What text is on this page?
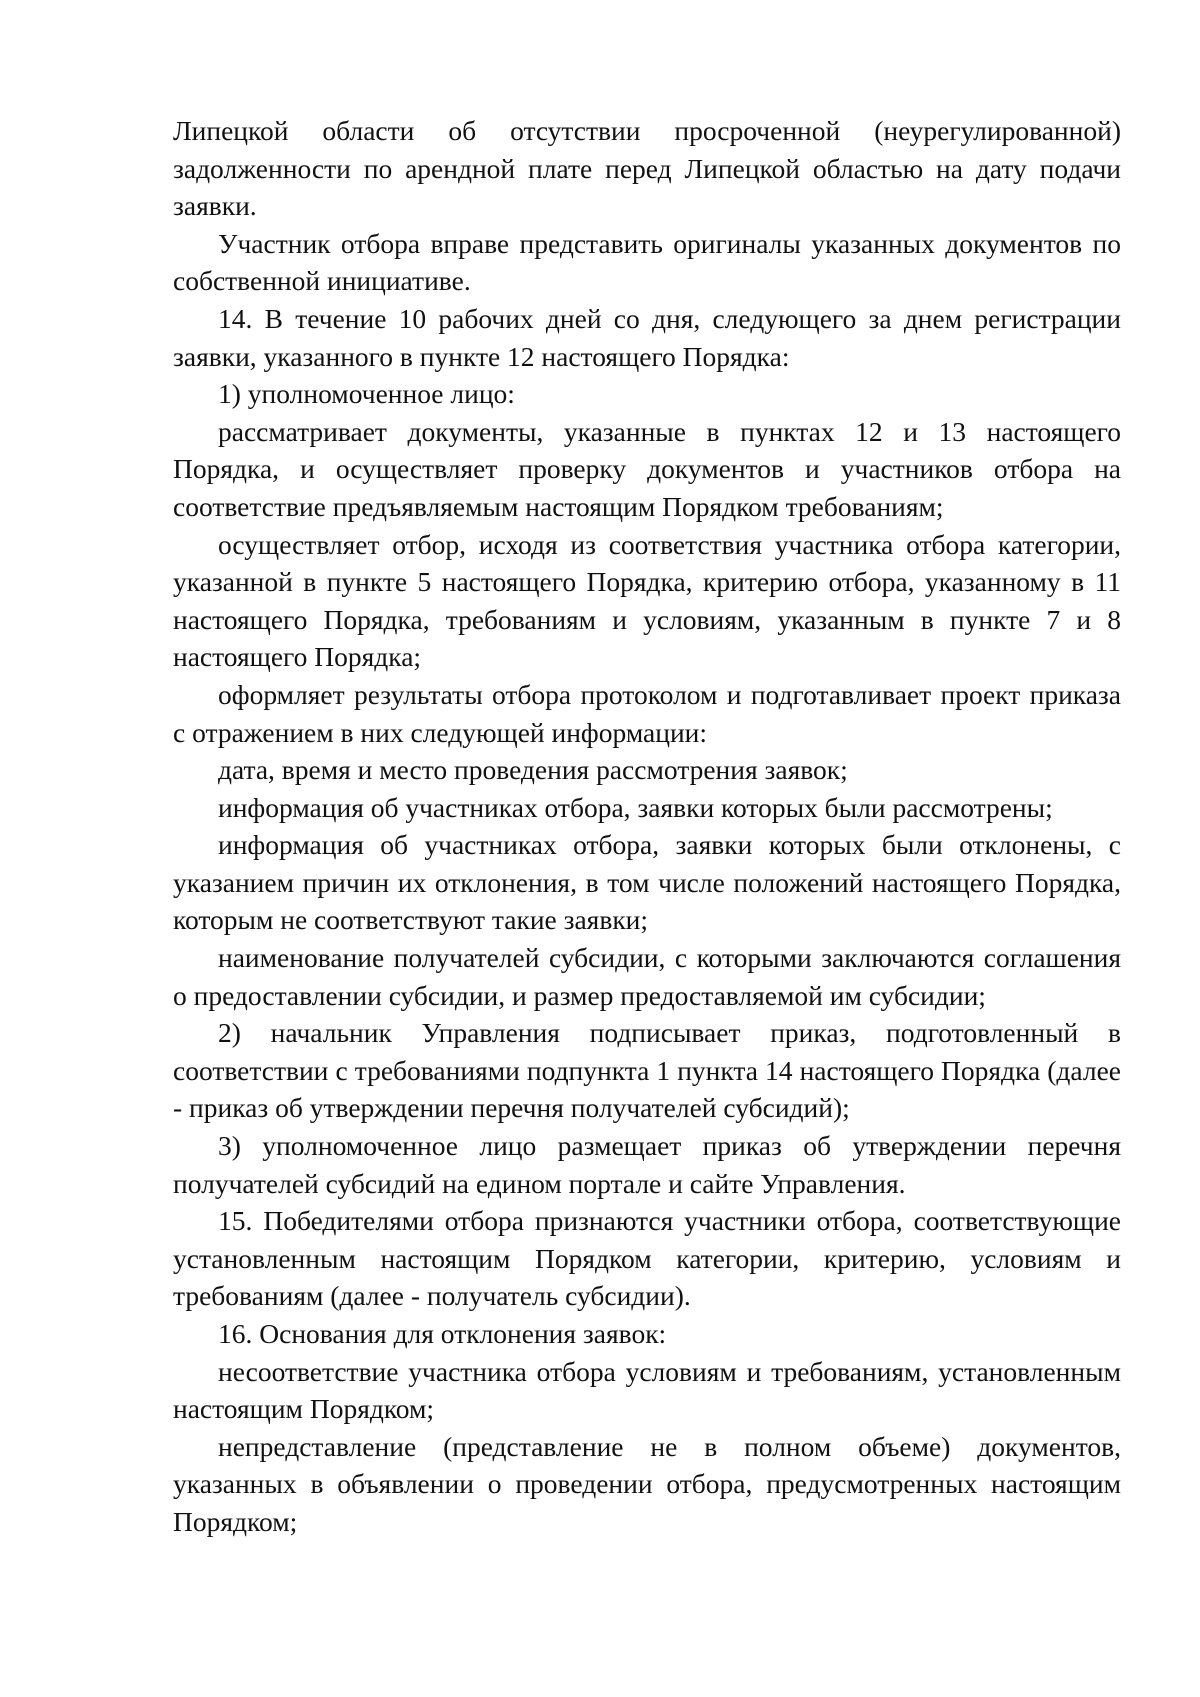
Липецкой области об отсутствии просроченной (неурегулированной) задолженности по арендной плате перед Липецкой областью на дату подачи заявки.

Участник отбора вправе представить оригиналы указанных документов по собственной инициативе.

14. В течение 10 рабочих дней со дня, следующего за днем регистрации заявки, указанного в пункте 12 настоящего Порядка:

1) уполномоченное лицо:

рассматривает документы, указанные в пунктах 12 и 13 настоящего Порядка, и осуществляет проверку документов и участников отбора на соответствие предъявляемым настоящим Порядком требованиям;

осуществляет отбор, исходя из соответствия участника отбора категории, указанной в пункте 5 настоящего Порядка, критерию отбора, указанному в 11 настоящего Порядка, требованиям и условиям, указанным в пункте 7 и 8 настоящего Порядка;

оформляет результаты отбора протоколом и подготавливает проект приказа с отражением в них следующей информации:

дата, время и место проведения рассмотрения заявок;

информация об участниках отбора, заявки которых были рассмотрены;

информация об участниках отбора, заявки которых были отклонены, с указанием причин их отклонения, в том числе положений настоящего Порядка, которым не соответствуют такие заявки;

наименование получателей субсидии, с которыми заключаются соглашения о предоставлении субсидии, и размер предоставляемой им субсидии;

2) начальник Управления подписывает приказ, подготовленный в соответствии с требованиями подпункта 1 пункта 14 настоящего Порядка (далее - приказ об утверждении перечня получателей субсидий);

3) уполномоченное лицо размещает приказ об утверждении перечня получателей субсидий на едином портале и сайте Управления.

15. Победителями отбора признаются участники отбора, соответствующие установленным настоящим Порядком категории, критерию, условиям и требованиям (далее - получатель субсидии).

16. Основания для отклонения заявок:

несоответствие участника отбора условиям и требованиям, установленным настоящим Порядком;

непредставление (представление не в полном объеме) документов, указанных в объявлении о проведении отбора, предусмотренных настоящим Порядком;
